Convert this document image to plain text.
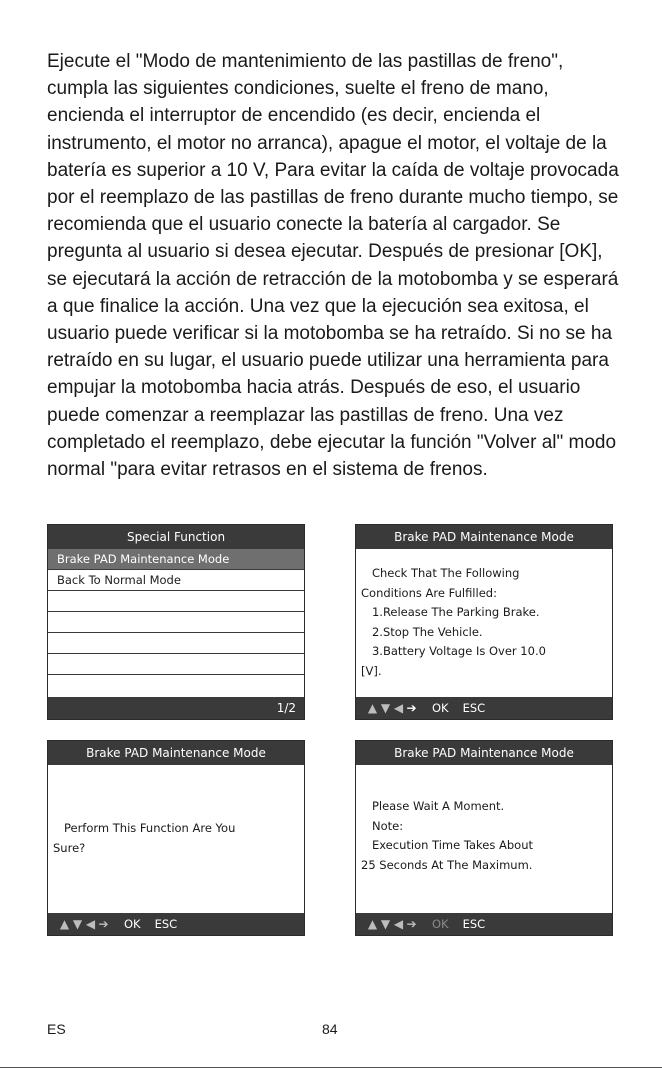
Ejecute el "Modo de mantenimiento de las pastillas de freno", cumpla las siguientes condiciones, suelte el freno de mano, encienda el interruptor de encendido (es decir, encienda el instrumento, el motor no arranca), apague el motor, el voltaje de la batería es superior a 10 V, Para evitar la caída de voltaje provocada por el reemplazo de las pastillas de freno durante mucho tiempo, se recomienda que el usuario conecte la batería al cargador. Se pregunta al usuario si desea ejecutar. Después de presionar [OK], se ejecutará la acción de retracción de la motobomba y se esperará a que finalice la acción. Una vez que la ejecución sea exitosa, el usuario puede verificar si la motobomba se ha retraído. Si no se ha retraído en su lugar, el usuario puede utilizar una herramienta para empujar la motobomba hacia atrás. Después de eso, el usuario puede comenzar a reemplazar las pastillas de freno. Una vez completado el reemplazo, debe ejecutar la función "Volver al" modo normal "para evitar retrasos en el sistema de frenos.

Special Function
Brake PAD Maintenance Mode
Back To Normal Mode
1/2
Brake PAD Maintenance Mode
Check That The Following
Conditions Are Fulfilled:
1.Release The Parking Brake.
2.Stop The Vehicle.
3.Battery Voltage Is Over 10.0
[V].
▲ ▼ ◀ ➔ OK ESC
Brake PAD Maintenance Mode
Perform This Function Are You
Sure?
▲ ▼ ◀ ➔ OK ESC
Brake PAD Maintenance Mode
Please Wait A Moment.
Note:
Execution Time Takes About
25 Seconds At The Maximum.
▲ ▼ ◀ ➔ OK ESC
ES	84
